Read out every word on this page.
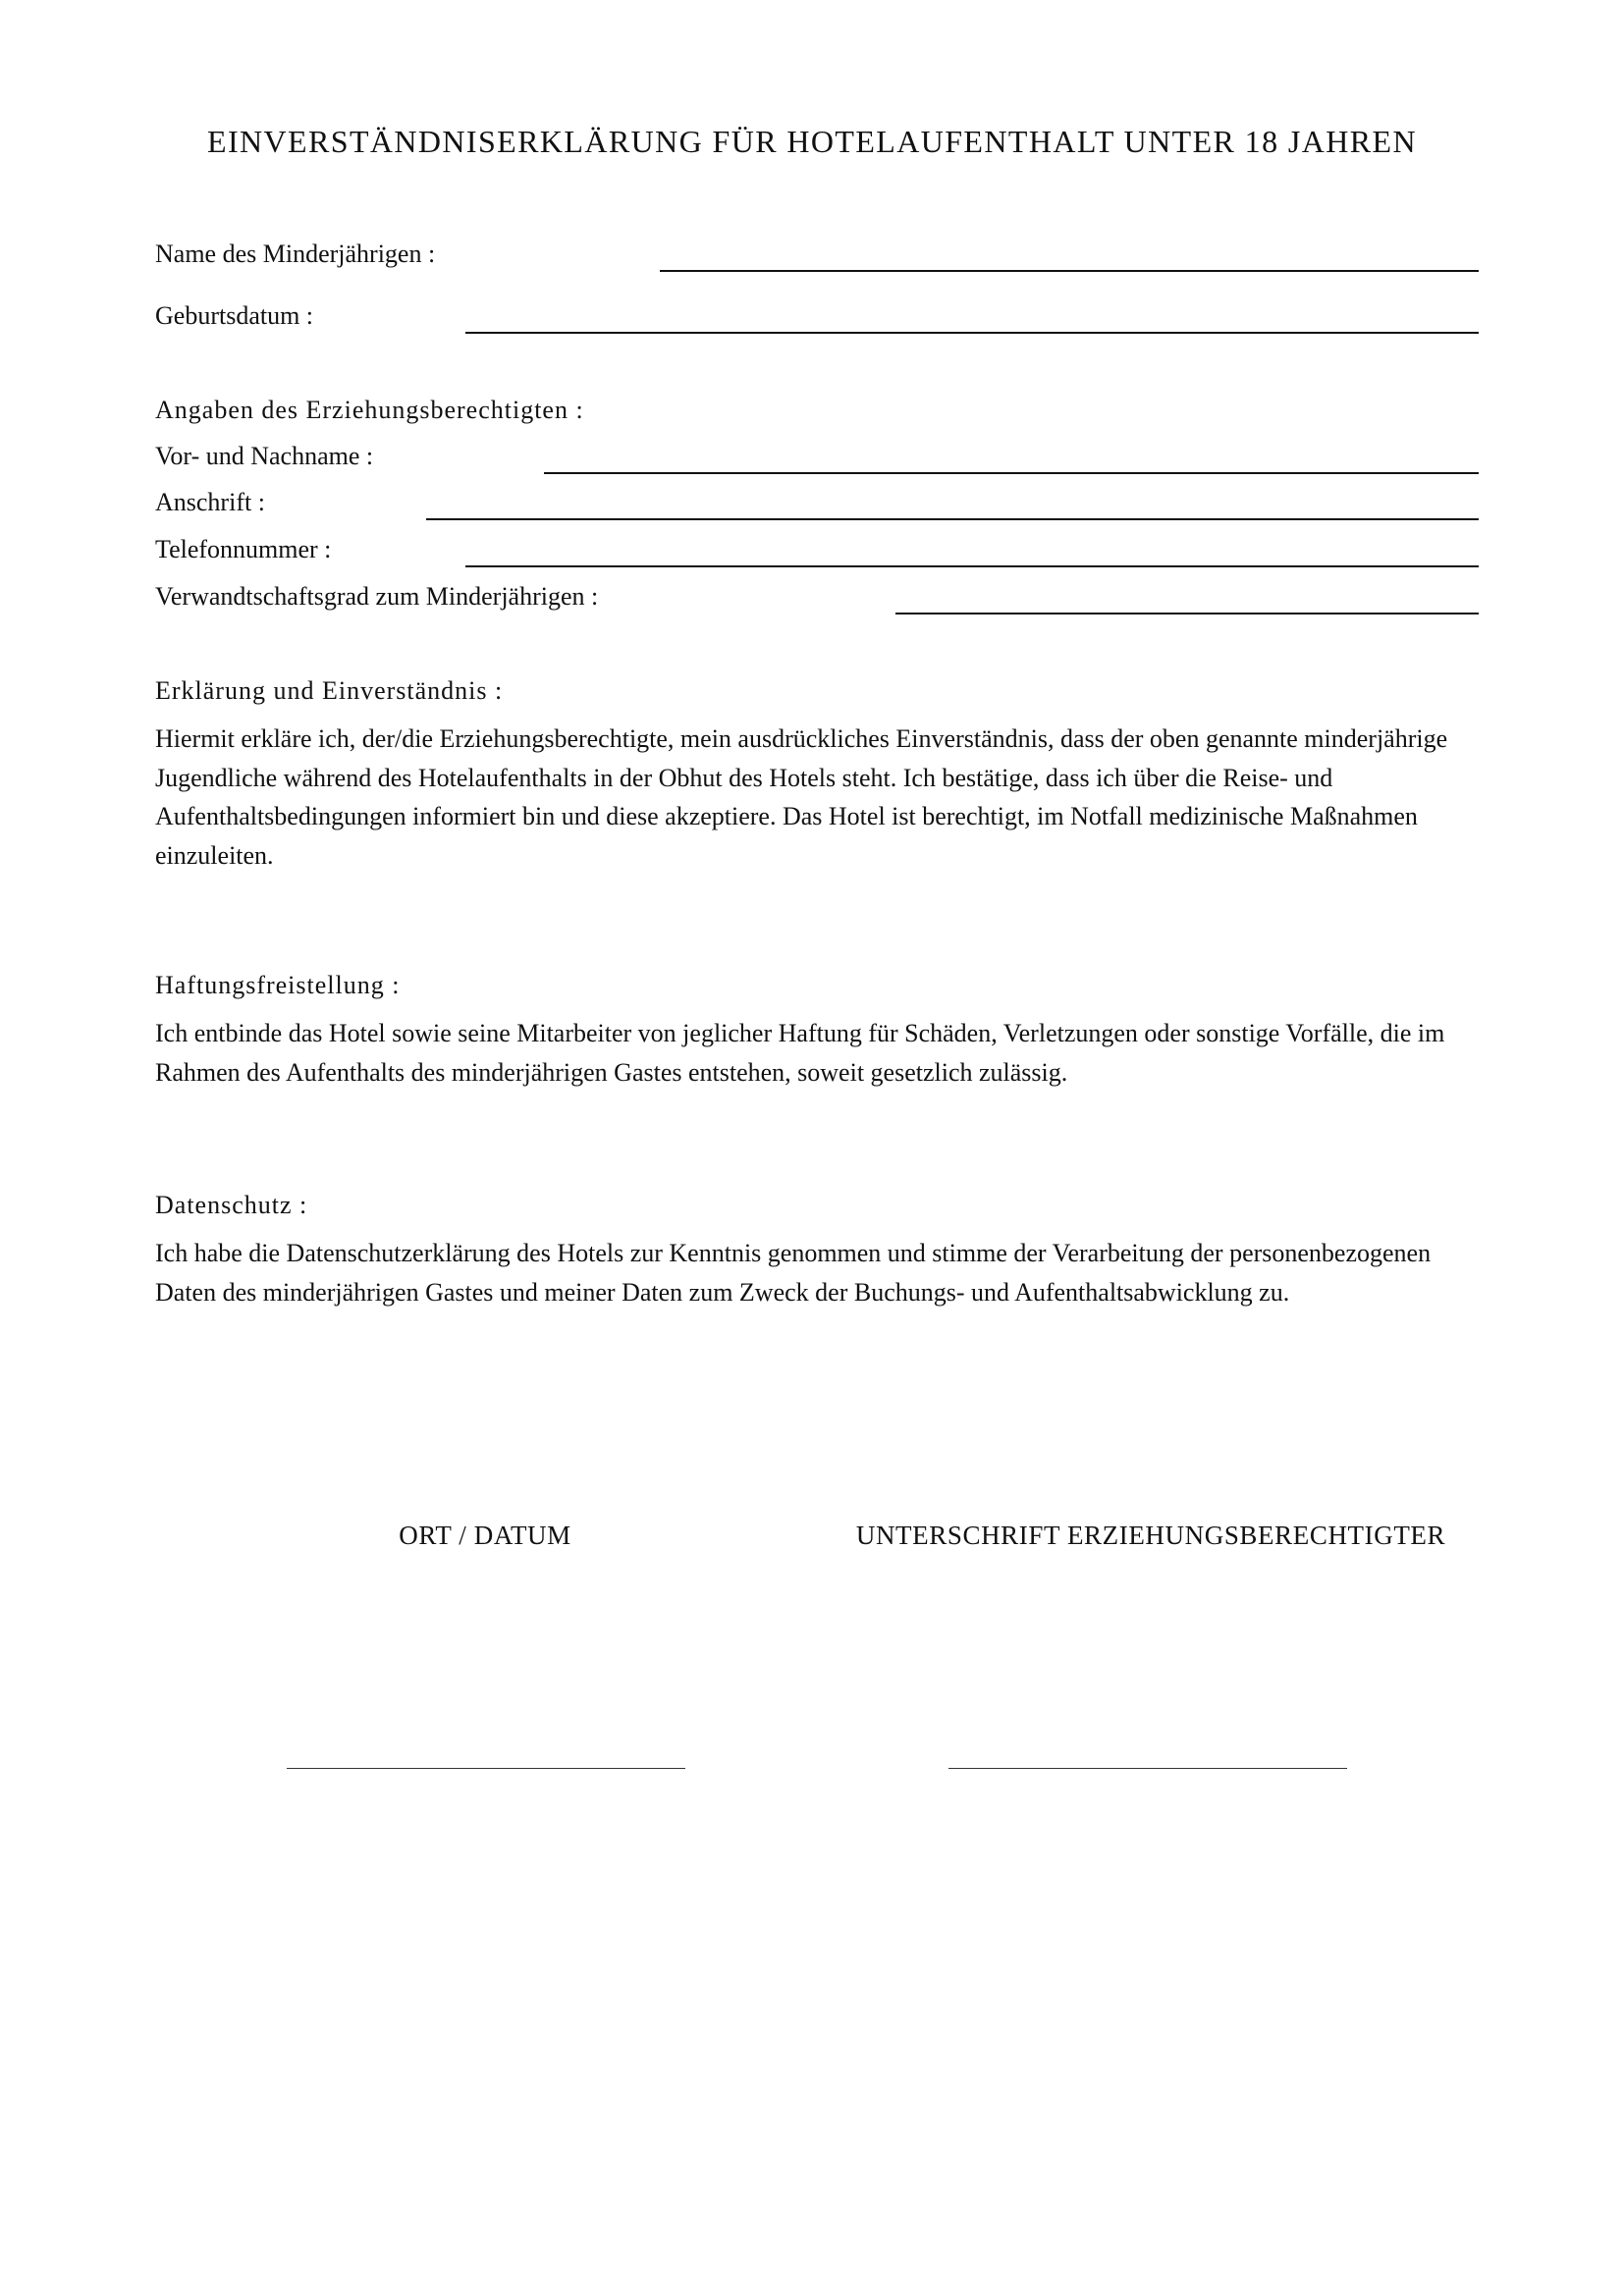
EINVERSTÄNDNISERKLÄRUNG FÜR HOTELAUFENTHALT UNTER 18 JAHREN
Name des Minderjährigen :
Geburtsdatum :
Angaben des Erziehungsberechtigten :
Vor- und Nachname :
Anschrift :
Telefonnummer :
Verwandtschaftsgrad zum Minderjährigen :
Erklärung und Einverständnis :
Hiermit erkläre ich, der/die Erziehungsberechtigte, mein ausdrückliches Einverständnis, dass der oben genannte minderjährige Jugendliche während des Hotelaufenthalts in der Obhut des Hotels steht. Ich bestätige, dass ich über die Reise- und Aufenthaltsbedingungen informiert bin und diese akzeptiere. Das Hotel ist berechtigt, im Notfall medizinische Maßnahmen einzuleiten.
Haftungsfreistellung :
Ich entbinde das Hotel sowie seine Mitarbeiter von jeglicher Haftung für Schäden, Verletzungen oder sonstige Vorfälle, die im Rahmen des Aufenthalts des minderjährigen Gastes entstehen, soweit gesetzlich zulässig.
Datenschutz :
Ich habe die Datenschutzerklärung des Hotels zur Kenntnis genommen und stimme der Verarbeitung der personenbezogenen Daten des minderjährigen Gastes und meiner Daten zum Zweck der Buchungs- und Aufenthaltsabwicklung zu.
ORT / DATUM	UNTERSCHRIFT ERZIEHUNGSBERECHTIGTER
